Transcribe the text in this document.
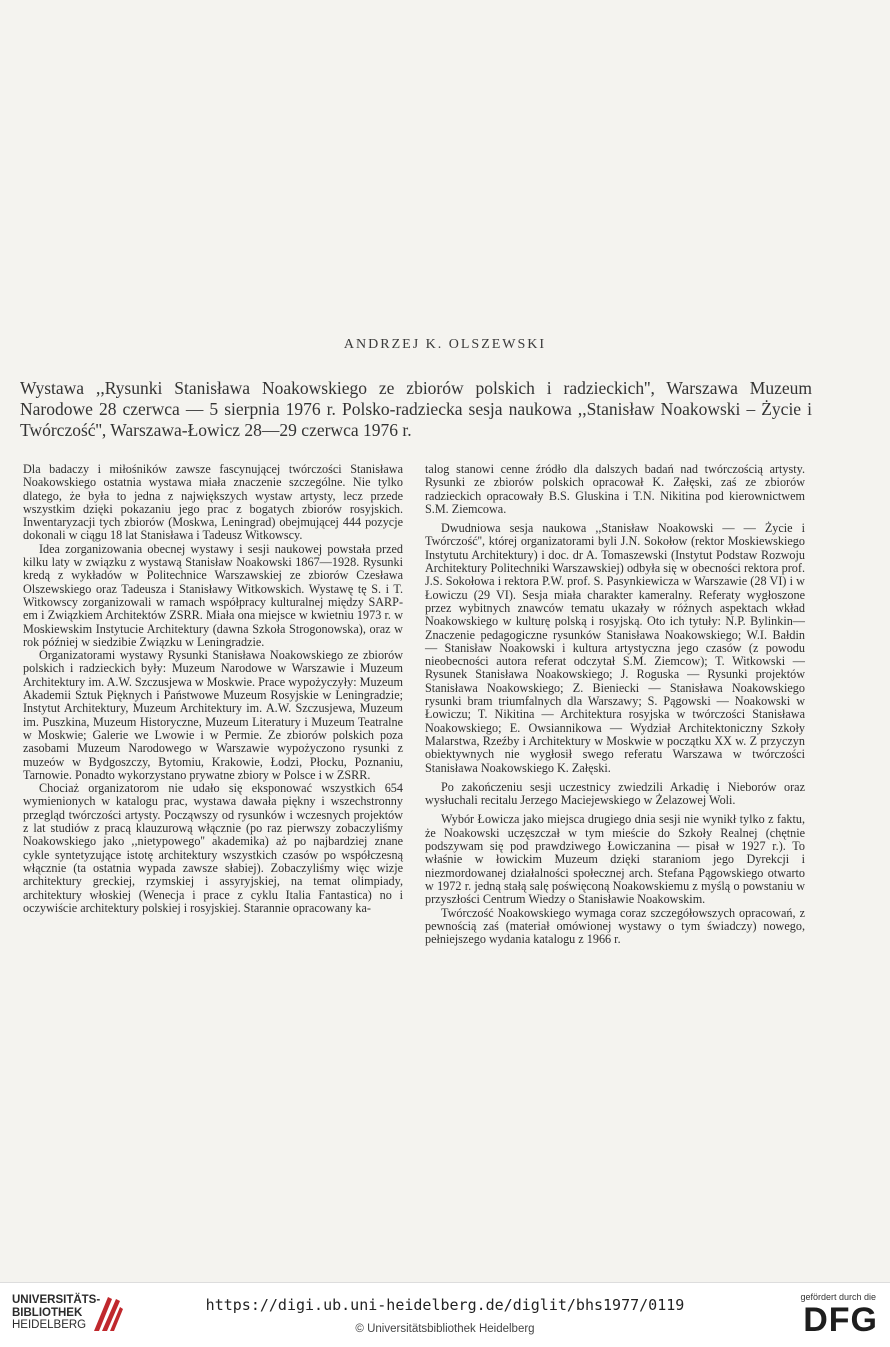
ANDRZEJ K. OLSZEWSKI
Wystawa ,,Rysunki Stanisława Noakowskiego ze zbiorów polskich i radzieckich'', Warszawa Muzeum Narodowe 28 czerwca — 5 sierpnia 1976 r. Polsko-radziecka sesja naukowa ,,Stanisław Noakowski – Życie i Twórczość'', Warszawa-Łowicz 28—29 czerwca 1976 r.

Dla badaczy i miłośników zawsze fascynującej twórczości Stanisława Noakowskiego ostatnia wystawa miała znaczenie szczególne. Nie tylko dlatego, że była to jedna z największych wystaw artysty, lecz przede wszystkim dzięki pokazaniu jego prac z bogatych zbiorów rosyjskich. Inwentaryzacji tych zbiorów (Moskwa, Leningrad) obejmującej 444 pozycje dokonali w ciągu 18 lat Stanisława i Tadeusz Witkowscy.

Idea zorganizowania obecnej wystawy i sesji naukowej powstała przed kilku laty w związku z wystawą Stanisław Noakowski 1867—1928. Rysunki kredą z wykładów w Politechnice Warszawskiej ze zbiorów Czesława Olszewskiego oraz Tadeusza i Stanisławy Witkowskich. Wystawę tę S. i T. Witkowscy zorganizowali w ramach współpracy kulturalnej między SARP-em i Związkiem Architektów ZSRR. Miała ona miejsce w kwietniu 1973 r. w Moskiewskim Instytucie Architektury (dawna Szkoła Strogonowska), oraz w rok później w siedzibie Związku w Leningradzie.

Organizatorami wystawy Rysunki Stanisława Noakowskiego ze zbiorów polskich i radzieckich były: Muzeum Narodowe w Warszawie i Muzeum Architektury im. A.W. Szczusjewa w Moskwie. Prace wypożyczyły: Muzeum Akademii Sztuk Pięknych i Państwowe Muzeum Rosyjskie w Leningradzie; Instytut Architektury, Muzeum Architektury im. A.W. Szczusjewa, Muzeum im. Puszkina, Muzeum Historyczne, Muzeum Literatury i Muzeum Teatralne w Moskwie; Galerie we Lwowie i w Permie. Ze zbiorów polskich poza zasobami Muzeum Narodowego w Warszawie wypożyczono rysunki z muzeów w Bydgoszczy, Bytomiu, Krakowie, Łodzi, Płocku, Poznaniu, Tarnowie. Ponadto wykorzystano prywatne zbiory w Polsce i w ZSRR.

Chociaż organizatorom nie udało się eksponować wszystkich 654 wymienionych w katalogu prac, wystawa dawała piękny i wszechstronny przegląd twórczości artysty. Począwszy od rysunków i wczesnych projektów z lat studiów z pracą klauzurową włącznie (po raz pierwszy zobaczyliśmy Noakowskiego jako ,,nietypowego'' akademika) aż po najbardziej znane cykle syntetyzujące istotę architektury wszystkich czasów po współczesną włącznie (ta ostatnia wypada zawsze słabiej). Zobaczyliśmy więc wizje architektury greckiej, rzymskiej i assyryjskiej, na temat olimpiady, architektury włoskiej (Wenecja i prace z cyklu Italia Fantastica) no i oczywiście architektury polskiej i rosyjskiej. Starannie opracowany ka-

talog stanowi cenne źródło dla dalszych badań nad twórczością artysty. Rysunki ze zbiorów polskich opracował K. Załęski, zaś ze zbiorów radzieckich opracowały B.S. Gluskina i T.N. Nikitina pod kierownictwem S.M. Ziemcowa.

Dwudniowa sesja naukowa ,,Stanisław Noakowski — — Życie i Twórczość'', której organizatorami byli J.N. Sokołow (rektor Moskiewskiego Instytutu Architektury) i doc. dr A. Tomaszewski (Instytut Podstaw Rozwoju Architektury Politechniki Warszawskiej) odbyła się w obecności rektora prof. J.S. Sokołowa i rektora P.W. prof. S. Pasynkiewicza w Warszawie (28 VI) i w Łowiczu (29 VI). Sesja miała charakter kameralny. Referaty wygłoszone przez wybitnych znawców tematu ukazały w różnych aspektach wkład Noakowskiego w kulturę polską i rosyjską. Oto ich tytuły: N.P. Bylinkin— Znaczenie pedagogiczne rysunków Stanisława Noakowskiego; W.I. Bałdin — Stanisław Noakowski i kultura artystyczna jego czasów (z powodu nieobecności autora referat odczytał S.M. Ziemcow); T. Witkowski — Rysunek Stanisława Noakowskiego; J. Roguska — Rysunki projektów Stanisława Noakowskiego; Z. Bieniecki — Stanisława Noakowskiego rysunki bram triumfalnych dla Warszawy; S. Pągowski — Noakowski w Łowiczu; T. Nikitina — Architektura rosyjska w twórczości Stanisława Noakowskiego; E. Owsiannikowa — Wydział Architektoniczny Szkoły Malarstwa, Rzeźby i Architektury w Moskwie w początku XX w. Z przyczyn obiektywnych nie wygłosił swego referatu Warszawa w twórczości Stanisława Noakowskiego K. Załęski.

Po zakończeniu sesji uczestnicy zwiedzili Arkadię i Nieborów oraz wysłuchali recitalu Jerzego Maciejewskiego w Żelazowej Woli.

Wybór Łowicza jako miejsca drugiego dnia sesji nie wynikł tylko z faktu, że Noakowski uczęszczał w tym mieście do Szkoły Realnej (chętnie podszywam się pod prawdziwego Łowiczanina — pisał w 1927 r.). To właśnie w łowickim Muzeum dzięki staraniom jego Dyrekcji i niezmordowanej działalności społecznej arch. Stefana Pągowskiego otwarto w 1972 r. jedną stałą salę poświęconą Noakowskiemu z myślą o powstaniu w przyszłości Centrum Wiedzy o Stanisławie Noakowskim.

Twórczość Noakowskiego wymaga coraz szczegółowszych opracowań, z pewnością zaś (materiał omówionej wystawy o tym świadczy) nowego, pełniejszego wydania katalogu z 1966 r.

UNIVERSITÄTS-
BIBLIOTHEK
HEIDELBERG
https://digi.ub.uni-heidelberg.de/diglit/bhs1977/0119
© Universitätsbibliothek Heidelberg
gefördert durch die
DFG
